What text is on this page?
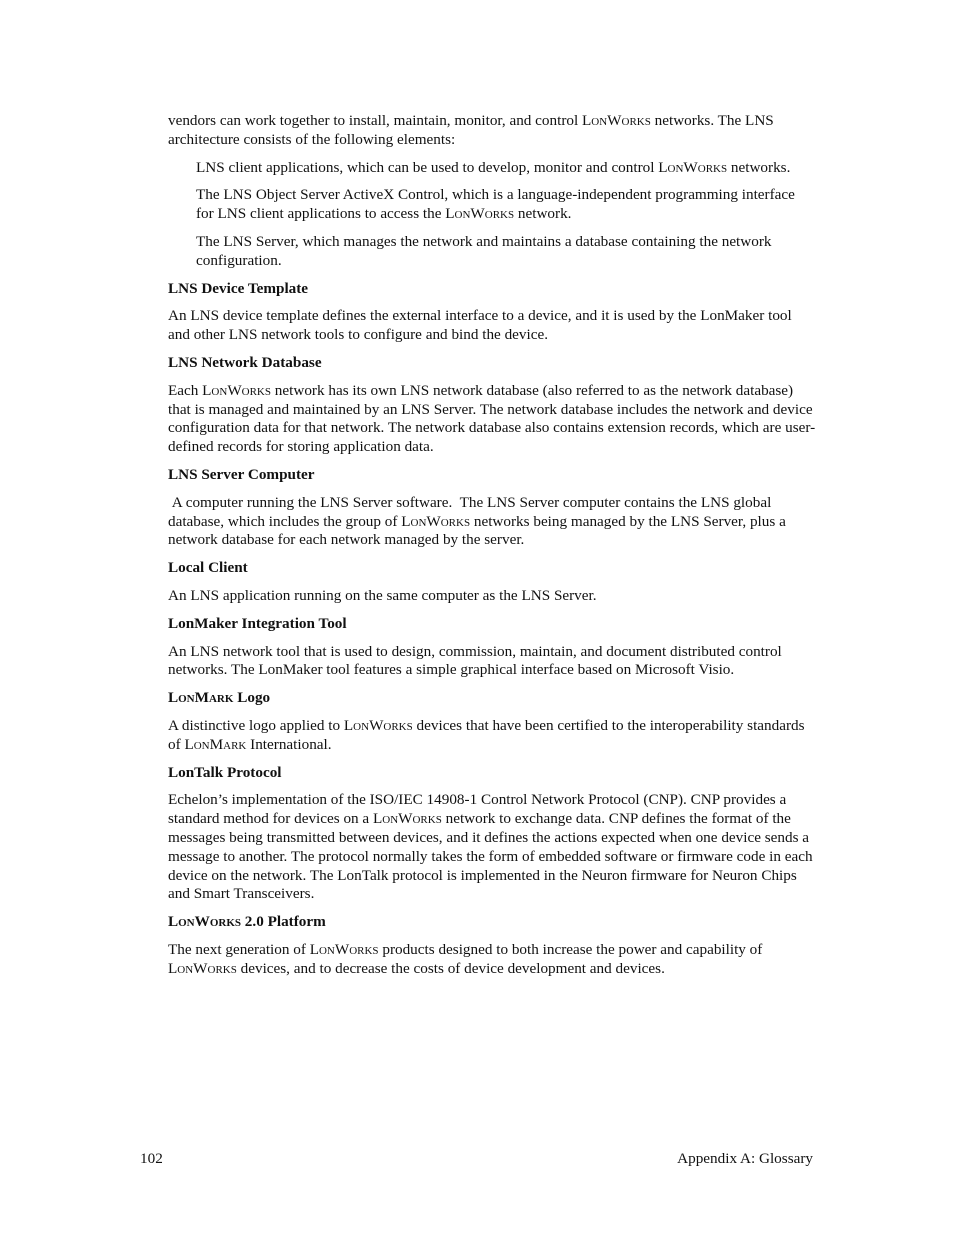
vendors can work together to install, maintain, monitor, and control LonWorks networks. The LNS architecture consists of the following elements:

LNS client applications, which can be used to develop, monitor and control LonWorks networks.

The LNS Object Server ActiveX Control, which is a language-independent programming interface for LNS client applications to access the LonWorks network.

The LNS Server, which manages the network and maintains a database containing the network configuration.

LNS Device Template

An LNS device template defines the external interface to a device, and it is used by the LonMaker tool and other LNS network tools to configure and bind the device.

LNS Network Database

Each LonWorks network has its own LNS network database (also referred to as the network database) that is managed and maintained by an LNS Server. The network database includes the network and device configuration data for that network. The network database also contains extension records, which are user-defined records for storing application data.

LNS Server Computer

A computer running the LNS Server software.  The LNS Server computer contains the LNS global database, which includes the group of LonWorks networks being managed by the LNS Server, plus a network database for each network managed by the server.

Local Client

An LNS application running on the same computer as the LNS Server.

LonMaker Integration Tool

An LNS network tool that is used to design, commission, maintain, and document distributed control networks. The LonMaker tool features a simple graphical interface based on Microsoft Visio.

LonMark Logo

A distinctive logo applied to LonWorks devices that have been certified to the interoperability standards of LonMark International.

LonTalk Protocol

Echelon’s implementation of the ISO/IEC 14908-1 Control Network Protocol (CNP). CNP provides a standard method for devices on a LonWorks network to exchange data. CNP defines the format of the messages being transmitted between devices, and it defines the actions expected when one device sends a message to another. The protocol normally takes the form of embedded software or firmware code in each device on the network. The LonTalk protocol is implemented in the Neuron firmware for Neuron Chips and Smart Transceivers.

LonWorks 2.0 Platform

The next generation of LonWorks products designed to both increase the power and capability of LonWorks devices, and to decrease the costs of device development and devices.

102	Appendix A: Glossary
